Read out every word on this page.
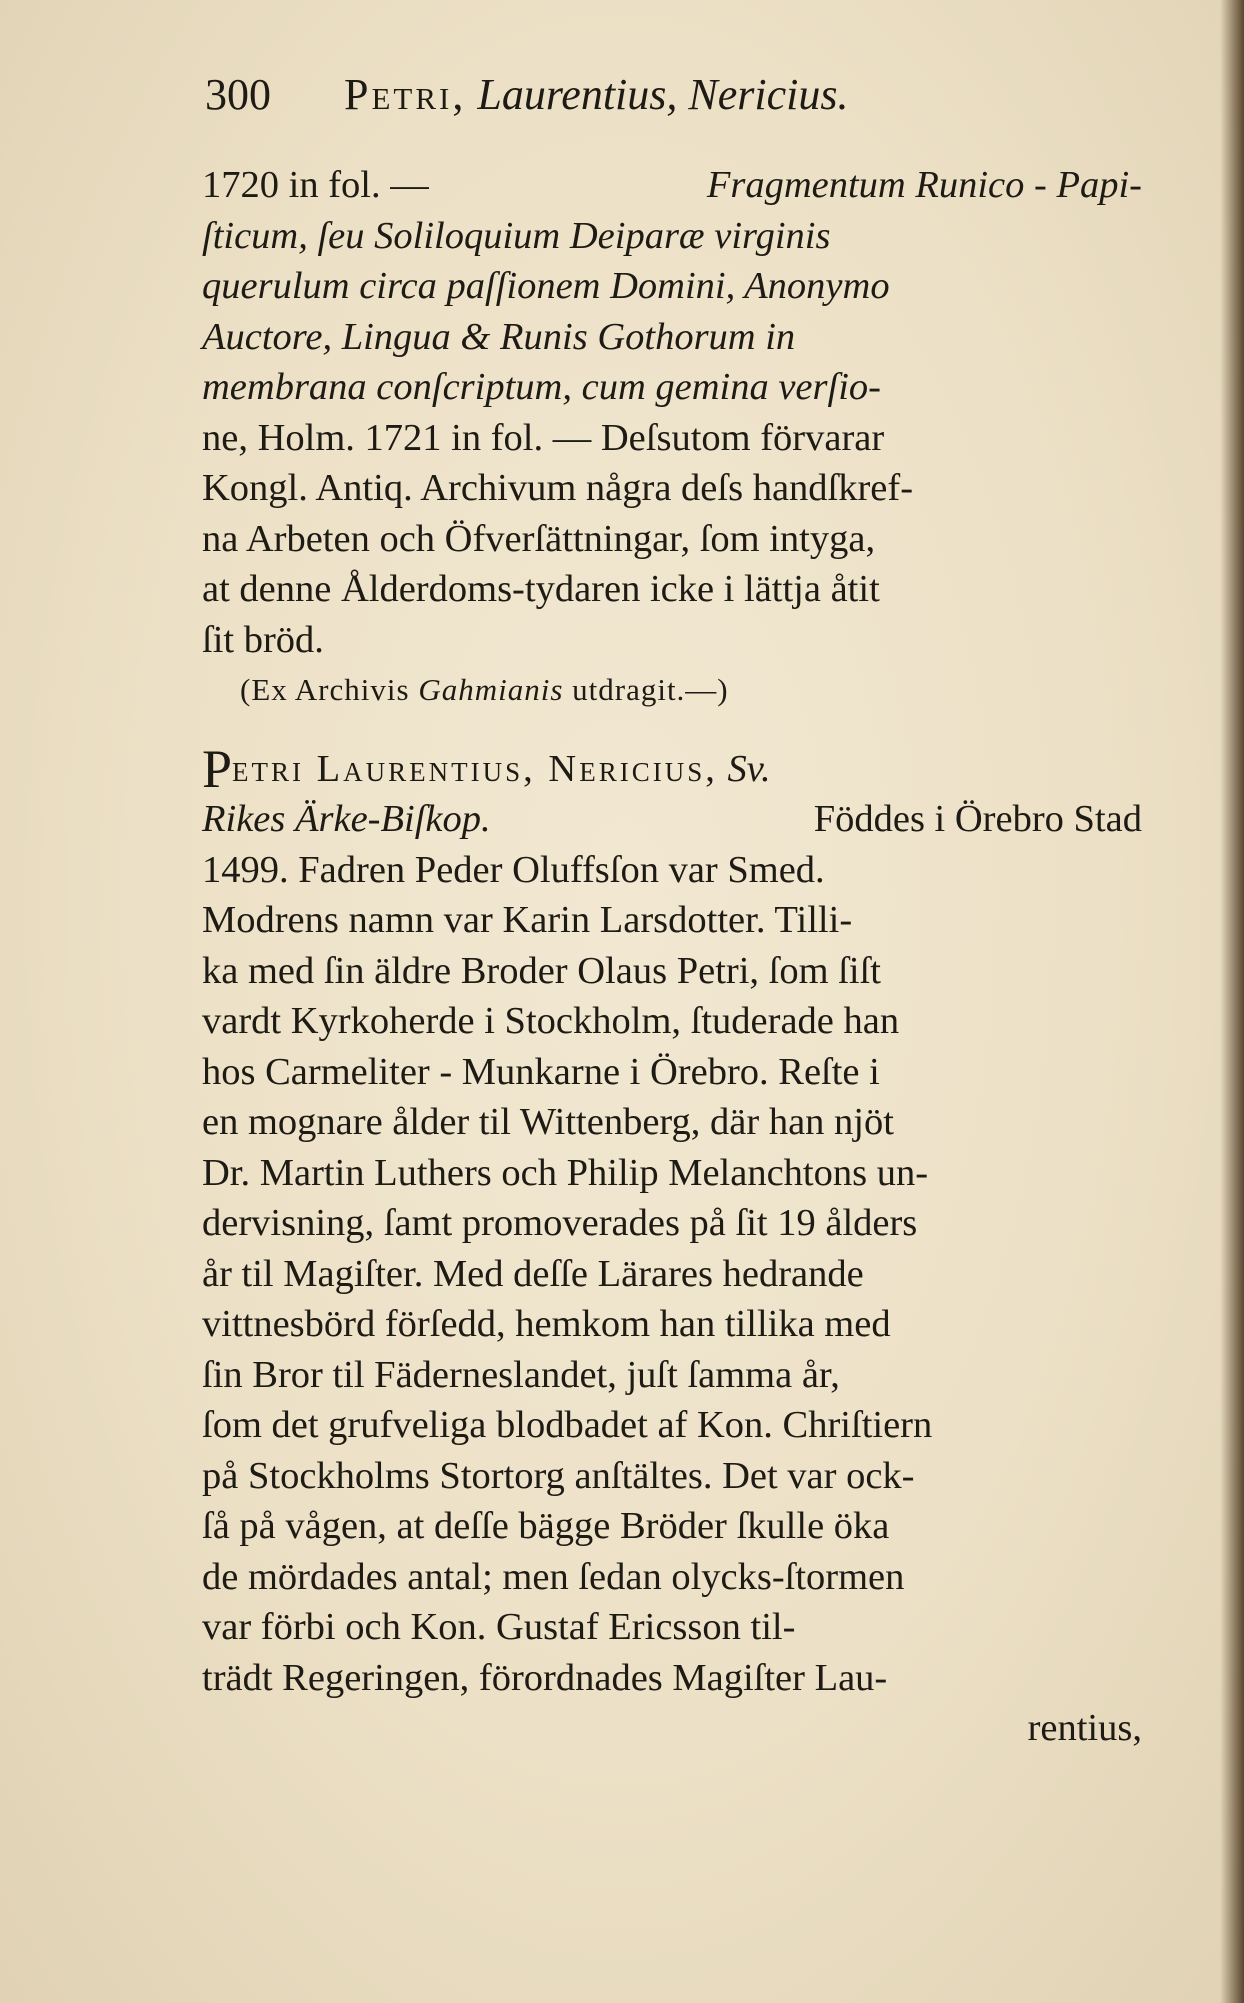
300 Petri, Laurentius, Nericius.
1720 in fol. —	Fragmentum Runico - Papi-
ſticum, ſeu Soliloquium Deiparæ virginis
querulum circa paſſionem Domini, Anonymo
Auctore, Lingua & Runis Gothorum in
membrana conſcriptum, cum gemina verſio-
ne, Holm. 1721 in fol. — Deſsutom förvarar
Kongl. Antiq. Archivum några deſs handſkref-
na Arbeten och Öfverſättningar, ſom intyga,
at denne Ålderdoms-tydaren icke i lättja åtit
ſit bröd.
(Ex Archivis Gahmianis utdragit.—)
P etri Laurentius, Nericius, Sv.
Rikes Ärke-Biſkop.	Föddes i Örebro Stad
1499. Fadren Peder Oluffsſon var Smed.
Modrens namn var Karin Larsdotter. Tilli-
ka med ſin äldre Broder Olaus Petri, ſom ſiſt
vardt Kyrkoherde i Stockholm, ſtuderade han
hos Carmeliter - Munkarne i Örebro. Reſte i
en mognare ålder til Wittenberg, där han njöt
Dr. Martin Luthers och Philip Melanchtons un-
dervisning, ſamt promoverades på ſit 19 ålders
år til Magiſter. Med deſſe Lärares hedrande
vittnesbörd förſedd, hemkom han tillika med
ſin Bror til Fäderneslandet, juſt ſamma år,
ſom det grufveliga blodbadet af Kon. Chriſtiern
på Stockholms Stortorg anſtältes. Det var ock-
ſå på vågen, at deſſe bägge Bröder ſkulle öka
de mördades antal; men ſedan olycks-ſtormen
var förbi och Kon. Gustaf Ericsson til-
trädt Regeringen, förordnades Magiſter Lau-
rentius,
